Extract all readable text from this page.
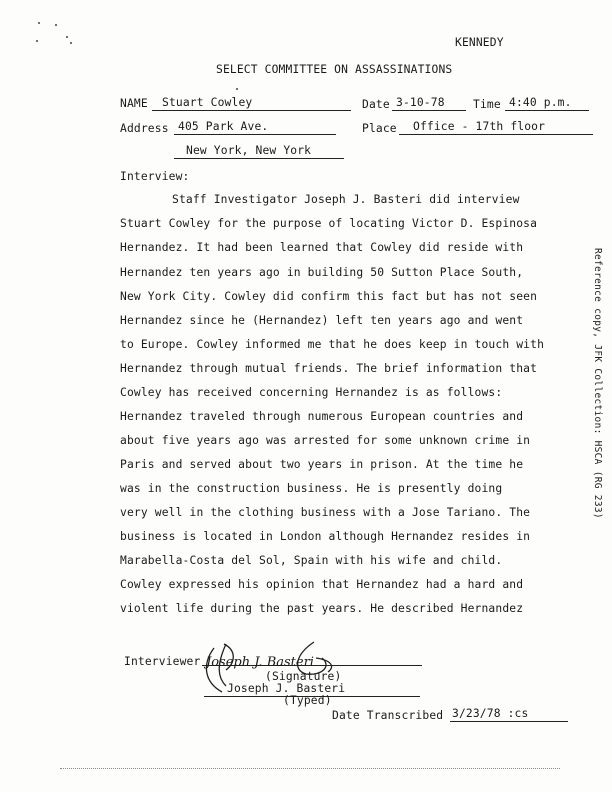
KENNEDY
SELECT COMMITTEE ON ASSASSINATIONS
NAME	Stuart Cowley	Date 3-10-78	Time 4:40 p.m.
Address 405 Park Ave.	Place	Office - 17th floor
New York, New York
Interview:
Staff Investigator Joseph J. Basteri did interview
Stuart Cowley for the purpose of locating Victor D. Espinosa
Hernandez. It had been learned that Cowley did reside with
Hernandez ten years ago in building 50 Sutton Place South,
New York City. Cowley did confirm this fact but has not seen
Hernandez since he (Hernandez) left ten years ago and went
to Europe. Cowley informed me that he does keep in touch with
Hernandez through mutual friends. The brief information that
Cowley has received concerning Hernandez is as follows:
Hernandez traveled through numerous European countries and
about five years ago was arrested for some unknown crime in
Paris and served about two years in prison. At the time he
was in the construction business. He is presently doing
very well in the clothing business with a Jose Tariano. The
business is located in London although Hernandez resides in
Marabella-Costa del Sol, Spain with his wife and child.
Cowley expressed his opinion that Hernandez had a hard and
violent life during the past years. He described Hernandez
Interviewer Joseph J. Basteri
(Signature)
Joseph J. Basteri
(Typed)
Date Transcribed 3/23/78 :cs
Reference copy, JFK Collection: HSCA (RG 233)
